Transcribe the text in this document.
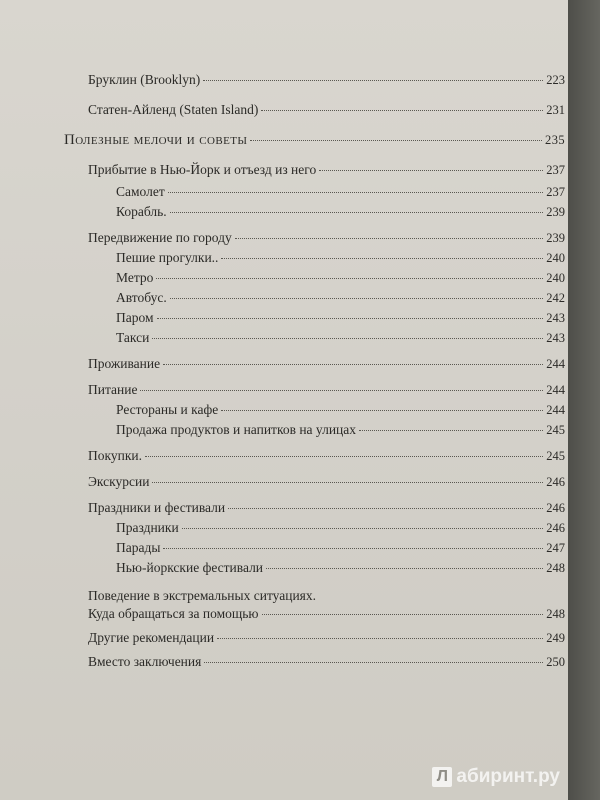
Бруклин (Brooklyn)	223
Статен-Айленд (Staten Island)	231
Полезные мелочи и советы	235
Прибытие в Нью-Йорк и отъезд из него	237
Самолет	237
Корабль.	239
Передвижение по городу	239
Пешие прогулки..	240
Метро	240
Автобус.	242
Паром	243
Такси	243
Проживание	244
Питание	244
Рестораны и кафе	244
Продажа продуктов и напитков на улицах	245
Покупки.	245
Экскурсии	246
Праздники и фестивали	246
Праздники	246
Парады	247
Нью-йоркские фестивали	248
Поведение в экстремальных ситуациях.
Куда обращаться за помощью	248
Другие рекомендации	249
Вместо заключения	250
Л абиринт.ру
